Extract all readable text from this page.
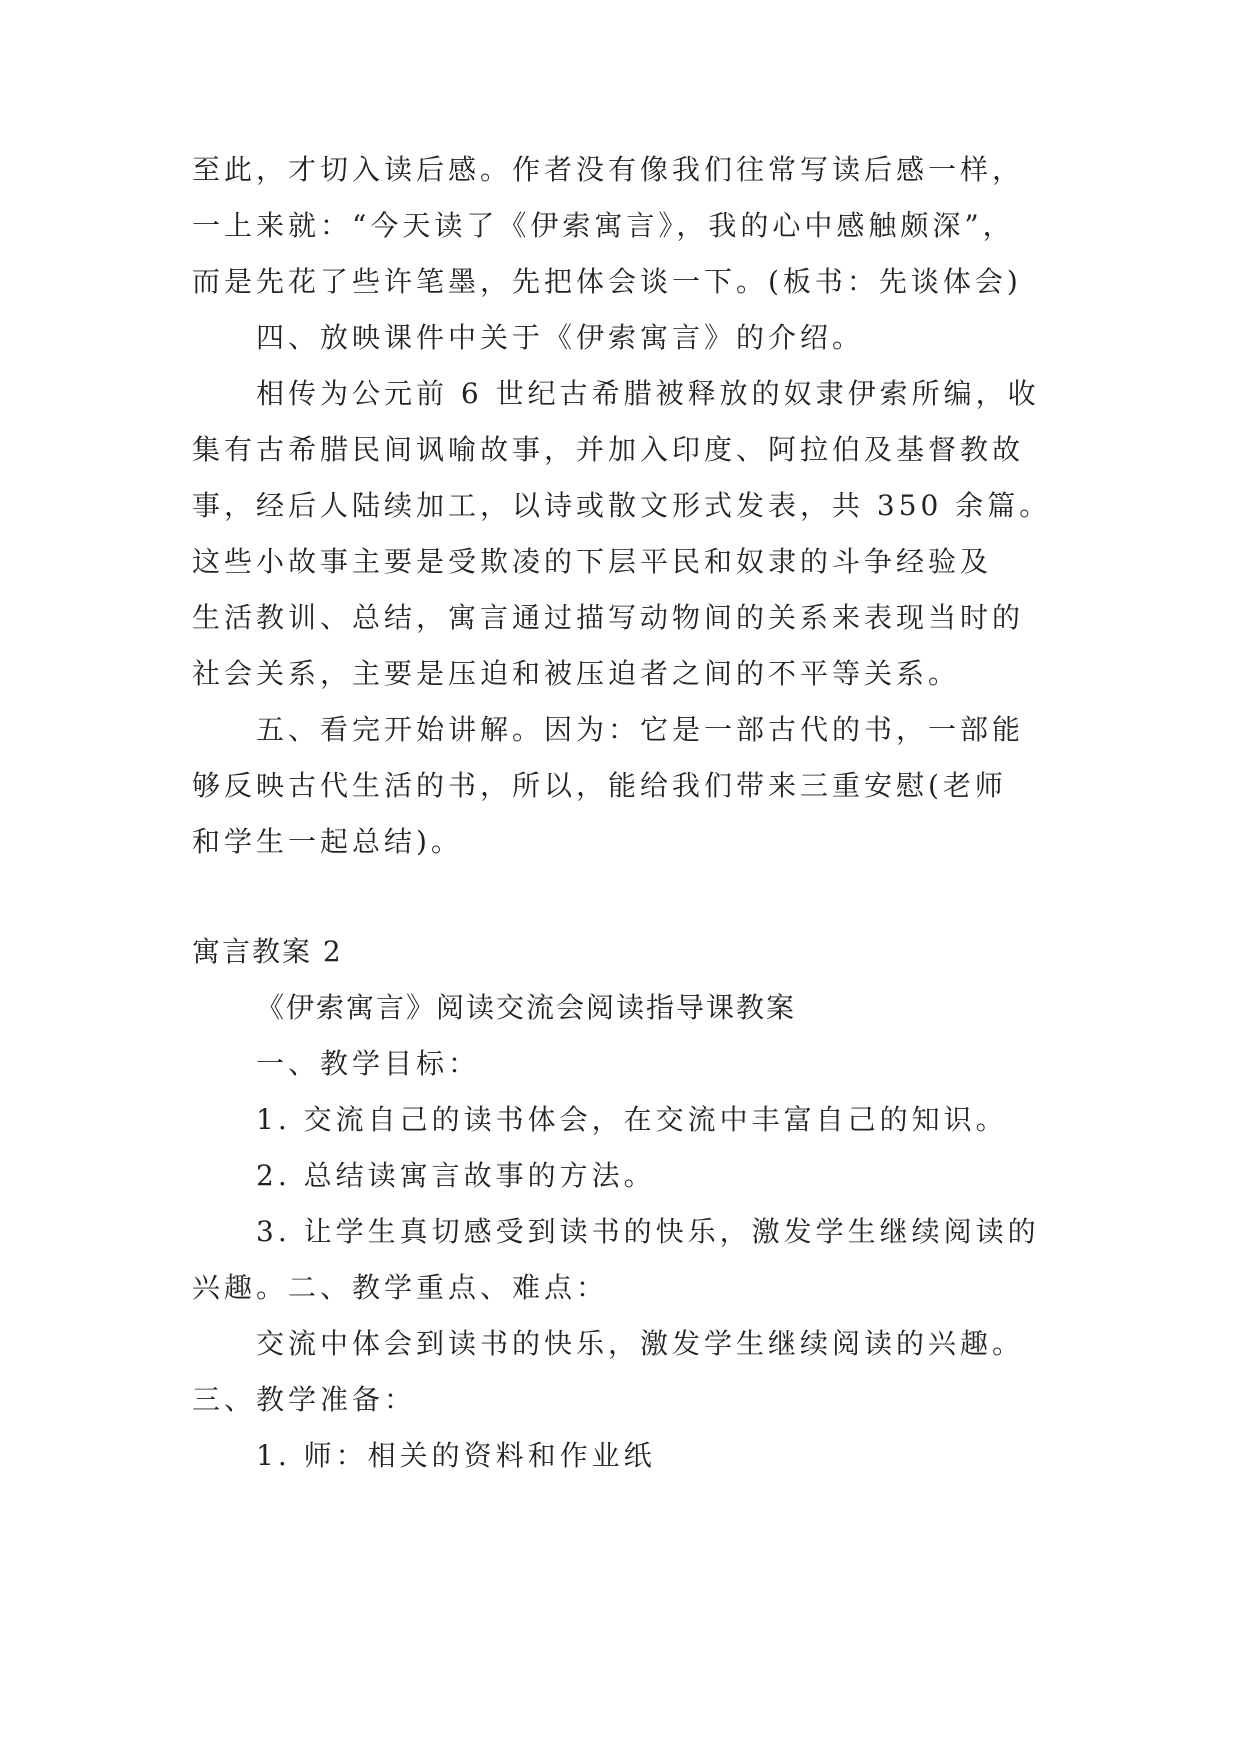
至此，才切入读后感。作者没有像我们往常写读后感一样，
一上来就：“今天读了《伊索寓言》，我的心中感触颇深”，
而是先花了些许笔墨，先把体会谈一下。(板书：先谈体会)
四、放映课件中关于《伊索寓言》的介绍。
相传为公元前 6 世纪古希腊被释放的奴隶伊索所编，收
集有古希腊民间讽喻故事，并加入印度、阿拉伯及基督教故
事，经后人陆续加工，以诗或散文形式发表，共 350 余篇。
这些小故事主要是受欺凌的下层平民和奴隶的斗争经验及
生活教训、总结，寓言通过描写动物间的关系来表现当时的
社会关系，主要是压迫和被压迫者之间的不平等关系。
五、看完开始讲解。因为：它是一部古代的书，一部能
够反映古代生活的书，所以，能给我们带来三重安慰(老师
和学生一起总结)。
寓言教案 2
《伊索寓言》阅读交流会阅读指导课教案
一、教学目标：
1. 交流自己的读书体会，在交流中丰富自己的知识。
2. 总结读寓言故事的方法。
3. 让学生真切感受到读书的快乐，激发学生继续阅读的
兴趣。二、教学重点、难点：
交流中体会到读书的快乐，激发学生继续阅读的兴趣。
三、教学准备：
1. 师：相关的资料和作业纸
